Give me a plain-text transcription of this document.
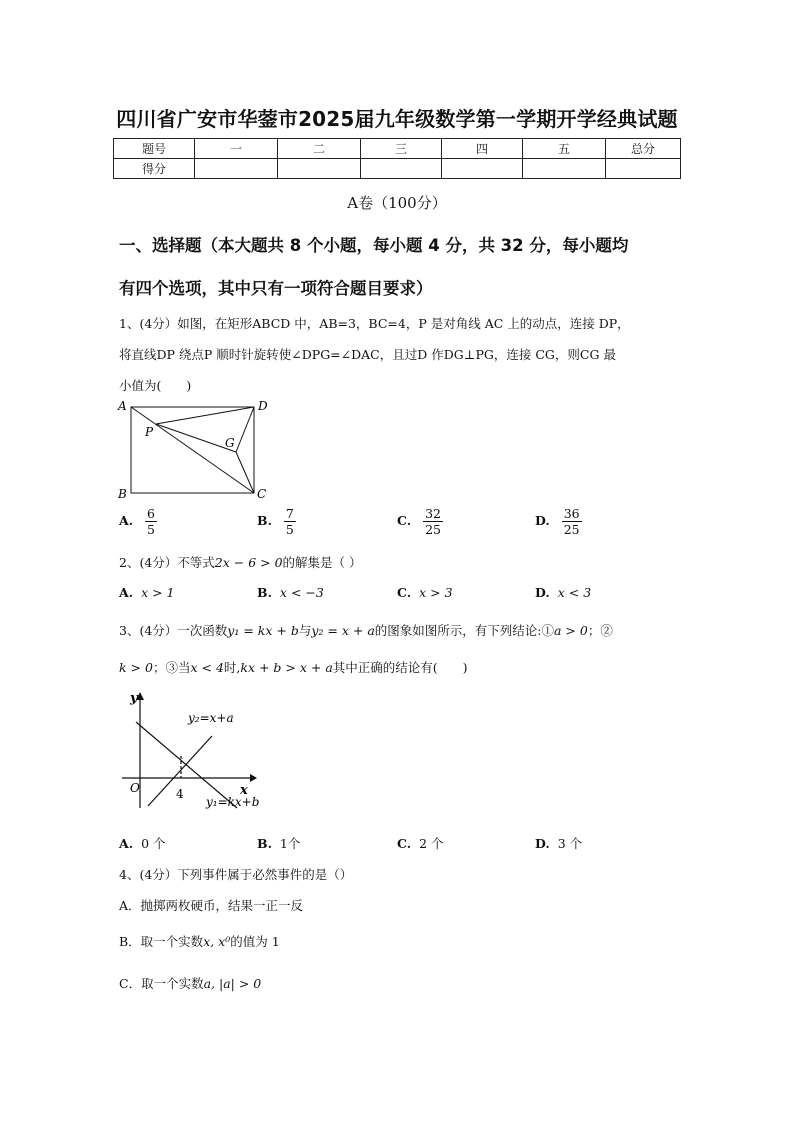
四川省广安市华蓥市2025届九年级数学第一学期开学经典试题
题号	一	二	三	四	五	总分
得分						
A卷（100分）
一、选择题（本大题共 8 个小题，每小题 4 分，共 32 分，每小题均
有四个选项，其中只有一项符合题目要求）
1、(4分）如图，在矩形ABCD 中，AB=3，BC=4，P 是对角线 AC 上的动点，连接 DP，
将直线DP 绕点P 顺时针旋转使∠DPG=∠DAC，且过D 作DG⊥PG，连接 CG，则CG 最
小值为(　　)
A	D
B	C
P
G
A. $\frac{6}{5}$	B. $\frac{7}{5}$	C. $\frac{32}{25}$	D. $\frac{36}{25}$
2、(4分）不等式2x − 6 > 0的解集是（ ）
A. x > 1	B. x < −3	C. x > 3	D. x < 3
3、(4分）一次函数y₁ = kx + b与y₂ = x + a的图象如图所示，有下列结论:①a > 0；②
k > 0；③当x < 4时,kx + b > x + a其中正确的结论有(　　)
y
x
O	4
y₂=x+a
y₁=kx+b
A. 0 个	B. 1个	C. 2 个	D. 3 个
4、(4分）下列事件属于必然事件的是（）
A．抛掷两枚硬币，结果一正一反
B．取一个实数x, x⁰的值为 1
C．取一个实数a, |a| > 0
